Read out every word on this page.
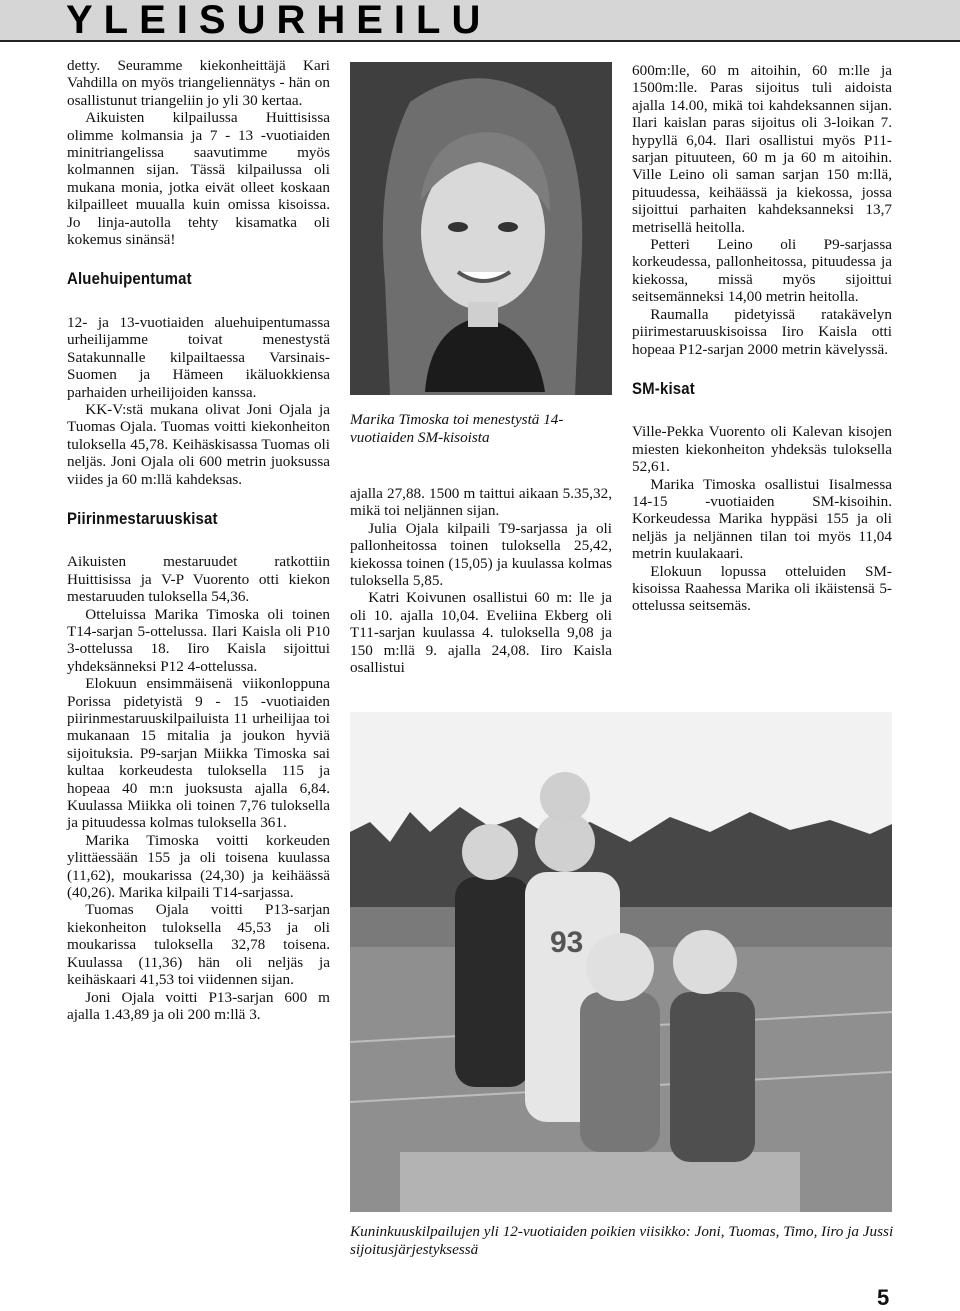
YLEISURHEILU

detty. Seuramme kiekonheittäjä Kari Vahdilla on myös triangeliennätys - hän on osallistunut triangeliin jo yli 30 kertaa.

Aikuisten kilpailussa Huittisissa olimme kolmansia ja 7 - 13 -vuotiaiden minitriangelissa saavutimme myös kolmannen sijan. Tässä kilpailussa oli mukana monia, jotka eivät olleet koskaan kilpailleet muualla kuin omissa kisoissa. Jo linja-autolla tehty kisamatka oli kokemus sinänsä!

Aluehuipentumat

12- ja 13-vuotiaiden aluehuipentumassa urheilijamme toivat menestystä Satakunnalle kilpailtaessa Varsinais-Suomen ja Hämeen ikäluokkiensa parhaiden urheilijoiden kanssa.

KK-V:stä mukana olivat Joni Ojala ja Tuomas Ojala. Tuomas voitti kiekonheiton tuloksella 45,78. Keihäskisassa Tuomas oli neljäs. Joni Ojala oli 600 metrin juoksussa viides ja 60 m:llä kahdeksas.

Piirinmestaruuskisat

Aikuisten mestaruudet ratkottiin Huittisissa ja V-P Vuorento otti kiekon mestaruuden tuloksella 54,36.

Otteluissa Marika Timoska oli toinen T14-sarjan 5-ottelussa. Ilari Kaisla oli P10 3-ottelussa 18. Iiro Kaisla sijoittui yhdeksänneksi P12 4-ottelussa.

Elokuun ensimmäisenä viikonloppuna Porissa pidetyistä 9 - 15 -vuotiaiden piirinmestaruuskilpailuista 11 urheilijaa toi mukanaan 15 mitalia ja joukon hyviä sijoituksia. P9-sarjan Miikka Timoska sai kultaa korkeudesta tuloksella 115 ja hopeaa 40 m:n juoksusta ajalla 6,84. Kuulassa Miikka oli toinen 7,76 tuloksella ja pituudessa kolmas tuloksella 361.

Marika Timoska voitti korkeuden ylittäessään 155 ja oli toisena kuulassa (11,62), moukarissa (24,30) ja keihäässä (40,26). Marika kilpaili T14-sarjassa.

Tuomas Ojala voitti P13-sarjan kiekonheiton tuloksella 45,53 ja oli moukarissa tuloksella 32,78 toisena. Kuulassa (11,36) hän oli neljäs ja keihäskaari 41,53 toi viidennen sijan.

Joni Ojala voitti P13-sarjan 600 m ajalla 1.43,89 ja oli 200 m:llä 3.

Marika Timoska toi menestystä 14-vuotiaiden SM-kisoista

ajalla 27,88. 1500 m taittui aikaan 5.35,32, mikä toi neljännen sijan.

Julia Ojala kilpaili T9-sarjassa ja oli pallonheitossa toinen tuloksella 25,42, kiekossa toinen (15,05) ja kuulassa kolmas tuloksella 5,85.

Katri Koivunen osallistui 60 m: lle ja oli 10. ajalla 10,04. Eveliina Ekberg oli T11-sarjan kuulassa 4. tuloksella 9,08 ja 150 m:llä 9. ajalla 24,08. Iiro Kaisla osallistui

600m:lle, 60 m aitoihin, 60 m:lle ja 1500m:lle. Paras sijoitus tuli aidoista ajalla 14.00, mikä toi kahdeksannen sijan. Ilari kaislan paras sijoitus oli 3-loikan 7. hypyllä 6,04. Ilari osallistui myös P11- sarjan pituuteen, 60 m ja 60 m aitoihin. Ville Leino oli saman sarjan 150 m:llä, pituudessa, keihäässä ja kiekossa, jossa sijoittui parhaiten kahdeksanneksi 13,7 metrisellä heitolla.

Petteri Leino oli P9-sarjassa korkeudessa, pallonheitossa, pituudessa ja kiekossa, missä myös sijoittui seitsemänneksi 14,00 metrin heitolla.

Raumalla pidetyissä ratakävelyn piirimestaruuskisoissa Iiro Kaisla otti hopeaa P12-sarjan 2000 metrin kävelyssä.

SM-kisat

Ville-Pekka Vuorento oli Kalevan kisojen miesten kiekonheiton yhdeksäs tuloksella 52,61.

Marika Timoska osallistui Iisalmessa 14-15 -vuotiaiden SM-kisoihin. Korkeudessa Marika hyppäsi 155 ja oli neljäs ja neljännen tilan toi myös 11,04 metrin kuulakaari.

Elokuun lopussa otteluiden SM-kisoissa Raahessa Marika oli ikäistensä 5-ottelussa seitsemäs.

93
Kuninkuuskilpailujen yli 12-vuotiaiden poikien viisikko: Joni, Tuomas, Timo, Iiro ja Jussi sijoitusjärjestyksessä
5
